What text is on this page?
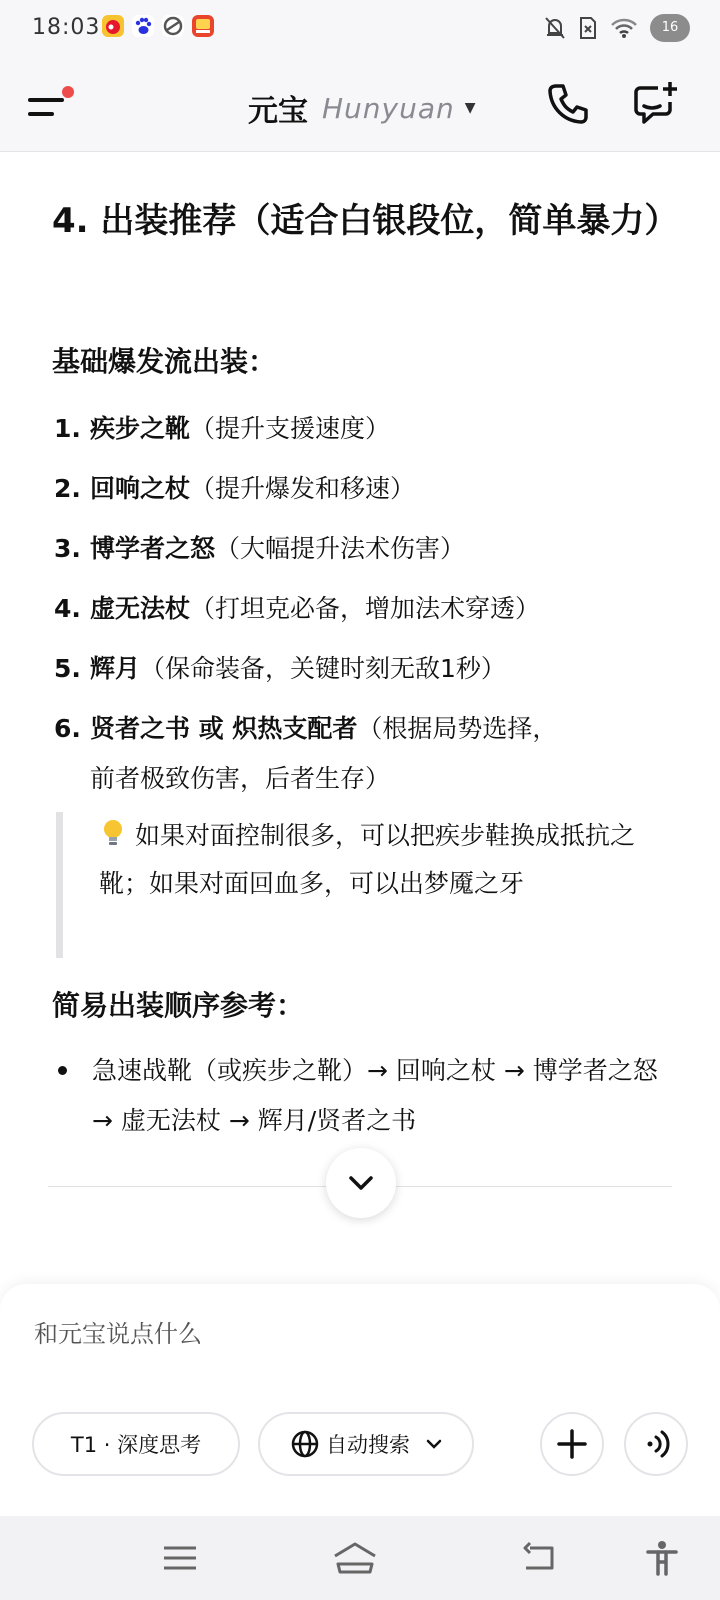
18:03	16
元宝 Hunyuan ▼
4. 出装推荐（适合白银段位，简单暴力）
基础爆发流出装：
1. 疾步之靴（提升支援速度）
2. 回响之杖（提升爆发和移速）
3. 博学者之怒（大幅提升法术伤害）
4. 虚无法杖（打坦克必备，增加法术穿透）
5. 辉月（保命装备，关键时刻无敌1秒）
6. 贤者之书 或 炽热支配者（根据局势选择，
前者极致伤害，后者生存）
如果对面控制很多，可以把疾步鞋换成抵抗之靴；如果对面回血多，可以出梦魇之牙
简易出装顺序参考：
急速战靴（或疾步之靴）→ 回响之杖 → 博学者之怒 → 虚无法杖 → 辉月/贤者之书
和元宝说点什么
T1 · 深度思考	自动搜索
